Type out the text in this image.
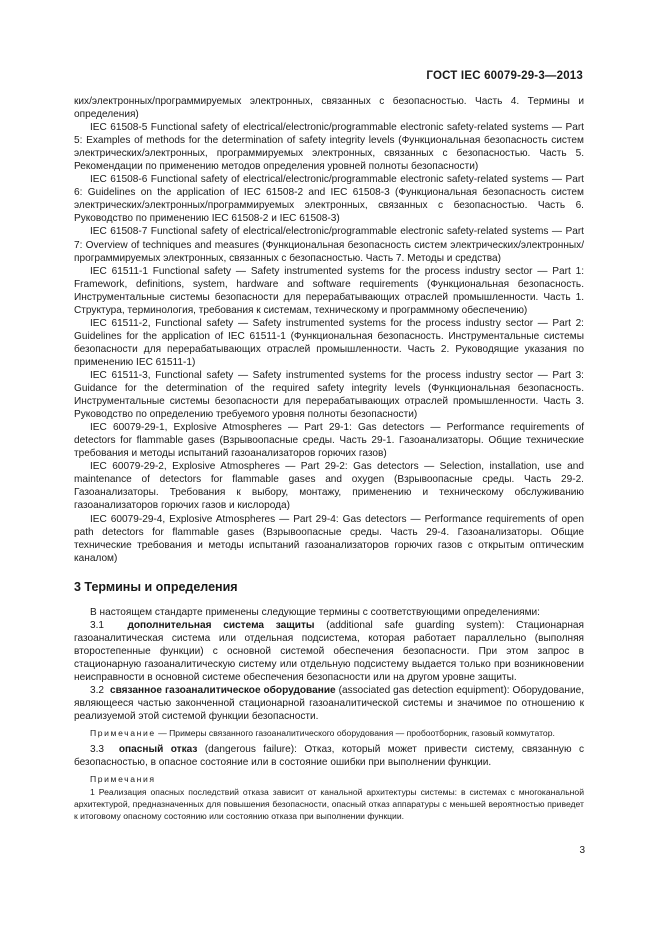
ГОСТ IEC 60079-29-3—2013

ких/электронных/программируемых электронных, связанных с безопасностью. Часть 4. Термины и определения)

IEC 61508-5 Functional safety of electrical/electronic/programmable electronic safety-related systems — Part 5: Examples of methods for the determination of safety integrity levels (Функциональная безопасность систем электрических/электронных, программируемых электронных, связанных с безопасностью. Часть 5. Рекомендации по применению методов определения уровней полноты безопасности)

IEC 61508-6 Functional safety of electrical/electronic/programmable electronic safety-related systems — Part 6: Guidelines on the application of IEC 61508-2 and IEC 61508-3 (Функциональная безопасность систем электрических/электронных/программируемых электронных, связанных с безопасностью. Часть 6. Руководство по применению IEC 61508-2 и IEC 61508-3)

IEC 61508-7 Functional safety of electrical/electronic/programmable electronic safety-related systems — Part 7: Overview of techniques and measures (Функциональная безопасность систем электрических/электронных/программируемых электронных, связанных с безопасностью. Часть 7. Методы и средства)

IEC 61511-1 Functional safety — Safety instrumented systems for the process industry sector — Part 1: Framework, definitions, system, hardware and software requirements (Функциональная безопасность. Инструментальные системы безопасности для перерабатывающих отраслей промышленности. Часть 1. Структура, терминология, требования к системам, техническому и программному обеспечению)

IEC 61511-2, Functional safety — Safety instrumented systems for the process industry sector — Part 2: Guidelines for the application of IEC 61511-1 (Функциональная безопасность. Инструментальные системы безопасности для перерабатывающих отраслей промышленности. Часть 2. Руководящие указания по применению IEC 61511-1)

IEC 61511-3, Functional safety — Safety instrumented systems for the process industry sector — Part 3: Guidance for the determination of the required safety integrity levels (Функциональная безопасность. Инструментальные системы безопасности для перерабатывающих отраслей промышленности. Часть 3. Руководство по определению требуемого уровня полноты безопасности)

IEC 60079-29-1, Explosive Atmospheres — Part 29-1: Gas detectors — Performance requirements of detectors for flammable gases (Взрывоопасные среды. Часть 29-1. Газоанализаторы. Общие технические требования и методы испытаний газоанализаторов горючих газов)

IEC 60079-29-2, Explosive Atmospheres — Part 29-2: Gas detectors — Selection, installation, use and maintenance of detectors for flammable gases and oxygen (Взрывоопасные среды. Часть 29-2. Газоанализаторы. Требования к выбору, монтажу, применению и техническому обслуживанию газоанализаторов горючих газов и кислорода)

IEC 60079-29-4, Explosive Atmospheres — Part 29-4: Gas detectors — Performance requirements of open path detectors for flammable gases (Взрывоопасные среды. Часть 29-4. Газоанализаторы. Общие технические требования и методы испытаний газоанализаторов горючих газов с открытым оптическим каналом)

3 Термины и определения

В настоящем стандарте применены следующие термины с соответствующими определениями:

3.1 дополнительная система защиты (additional safe guarding system): Стационарная газоаналитическая система или отдельная подсистема, которая работает параллельно (выполняя второстепенные функции) с основной системой обеспечения безопасности. При этом запрос в стационарную газоаналитическую систему или отдельную подсистему выдается только при возникновении неисправности в основной системе обеспечения безопасности или на другом уровне защиты.

3.2 связанное газоаналитическое оборудование (associated gas detection equipment): Оборудование, являющееся частью законченной стационарной газоаналитической системы и значимое по отношению к реализуемой этой системой функции безопасности.

Примечание — Примеры связанного газоаналитического оборудования — пробоотборник, газовый коммутатор.

3.3 опасный отказ (dangerous failure): Отказ, который может привести систему, связанную с безопасностью, в опасное состояние или в состояние ошибки при выполнении функции.

Примечания

1 Реализация опасных последствий отказа зависит от канальной архитектуры системы: в системах с многоканальной архитектурой, предназначенных для повышения безопасности, опасный отказ аппаратуры с меньшей вероятностью приведет к итоговому опасному состоянию или состоянию отказа при выполнении функции.

3
